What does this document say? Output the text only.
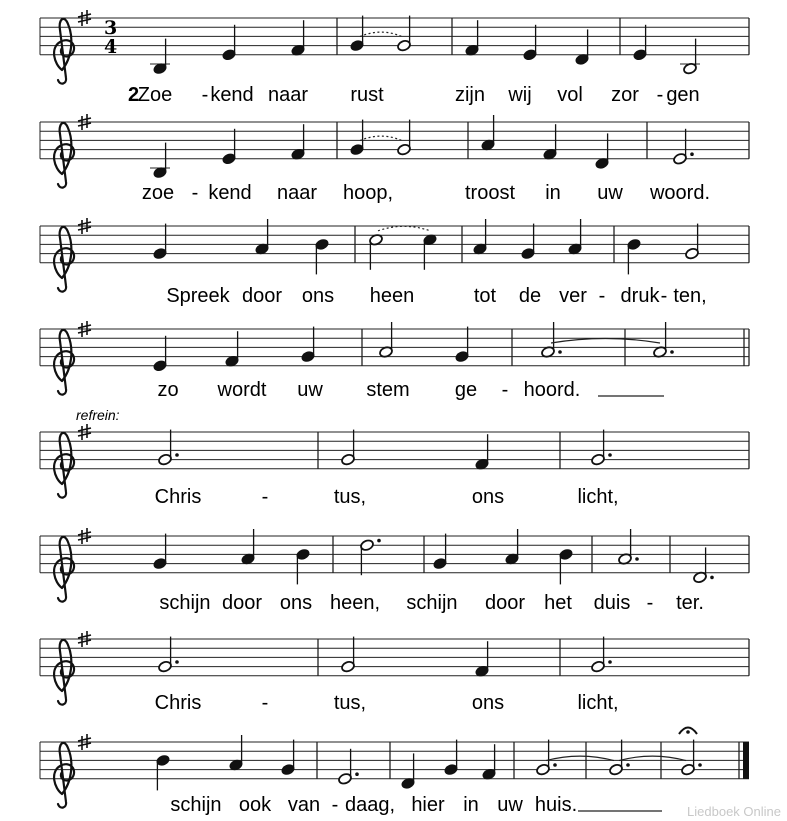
3
4
Zoe - kend naar rust	zijn wij vol zor - gen
2
zoe - kend naar hoop,	troost in uw woord.
Spreek door ons heen	tot de ver - druk - ten,
zo wordt uw stem ge - hoord.
Chris	-	tus,	ons	licht,
refrein:
schijn door ons heen, schijn door het duis - ter.
Chris	-	tus,	ons	licht,
schijn ook van - daag, hier in uw huis.	Liedboek Online
